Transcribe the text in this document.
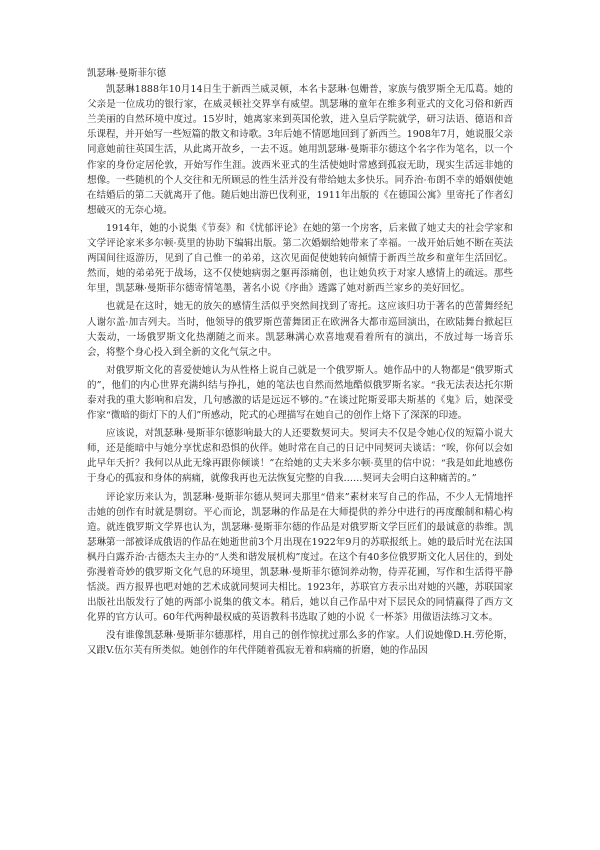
凯瑟琳·曼斯菲尔德

凯瑟琳1888年10月14日生于新西兰威灵顿，本名卡瑟琳·包姗普，家族与俄罗斯全无瓜葛。她的父亲是一位成功的银行家，在威灵顿社交界享有威望。凯瑟琳的童年在维多利亚式的文化习俗和新西兰美丽的自然环境中度过。15岁时，她离家来到英国伦敦，进入皇后学院就学，研习法语、德语和音乐课程，并开始写一些短篇的散文和诗歌。3年后她不情愿地回到了新西兰。1908年7月，她说服父亲同意她前往英国生活，从此离开故乡，一去不返。她用凯瑟琳·曼斯菲尔德这个名字作为笔名，以一个作家的身份定居伦敦，开始写作生涯。波西米亚式的生活使她时常感到孤寂无助，现实生活远非她的想像。一些随机的个人交往和无所顾忌的性生活并没有带给她太多快乐。同乔治·布朗不幸的婚姻使她在结婚后的第二天就离开了他。随后她出游巴伐利亚，1911年出版的《在德国公寓》里寄托了作者幻想破灭的无奈心境。

1914年，她的小说集《节奏》和《忧郁评论》在她的第一个房客，后来做了她丈夫的社会学家和文学评论家米多尔顿·莫里的协助下编辑出版。第二次婚姻给她带来了幸福。一战开始后她不断在英法两国间往返游历，见到了自己惟一的弟弟，这次见面促使她转向倾情于新西兰故乡和童年生活回忆。然而，她的弟弟死于战场，这不仅使她病弱之躯再添痛创，也让她负疚于对家人感情上的疏远。那些年里，凯瑟琳·曼斯菲尔德寄情笔墨，著名小说《序曲》透露了她对新西兰家乡的美好回忆。

也就是在这时，她无的放矢的感情生活似乎突然间找到了寄托。这应该归功于著名的芭蕾舞经纪人谢尔盖·加吉列夫。当时，他领导的俄罗斯芭蕾舞团正在欧洲各大都市巡回演出，在欧陆舞台掀起巨大轰动，一场俄罗斯文化热潮随之而来。凯瑟琳满心欢喜地观看着所有的演出，不放过每一场音乐会，将整个身心投入到全新的文化气氛之中。

对俄罗斯文化的喜爱使她认为从性格上说自己就是一个俄罗斯人。她作品中的人物都是“俄罗斯式的”，他们的内心世界充满纠结与挣扎，她的笔法也自然而然地酷似俄罗斯名家。“我无法表达托尔斯泰对我的重大影响和启发，几句感激的话是远远不够的。”在谈过陀斯妥耶夫斯基的《鬼》后，她深受作家“微暗的街灯下的人们”所感动，陀式的心理描写在她自己的创作上烙下了深深的印迹。

应该说，对凯瑟琳·曼斯菲尔德影响最大的人还要数契诃夫。契诃夫不仅是令她心仪的短篇小说大师，还是能暗中与她分享忧虑和恐惧的伙伴。她时常在自己的日记中同契诃夫谈话：“唉，你何以会如此早年夭折？我何以从此无缘再跟你倾谈！”在给她的丈夫米多尔顿·莫里的信中说：“我是如此地感伤于身心的孤寂和身体的病痛，就像我再也无法恢复完整的自我……契诃夫会明白这种痛苦的。”

评论家历来认为，凯瑟琳·曼斯菲尔德从契诃夫那里“借来”素材来写自己的作品，不少人无情地抨击她的创作有时就是剽窃。平心而论，凯瑟琳的作品是在大师提供的养分中进行的再度酿制和精心构造。就连俄罗斯文学界也认为，凯瑟琳·曼斯菲尔德的作品是对俄罗斯文学巨匠们的最诚意的恭维。凯瑟琳第一部被译成俄语的作品在她逝世前3个月出现在1922年9月的苏联报纸上。她的最后时光在法国枫丹白露乔治·古德杰夫主办的“人类和谐发展机构”度过。在这个有40多位俄罗斯文化人居住的，到处弥漫着奇妙的俄罗斯文化气息的环境里，凯瑟琳·曼斯菲尔德饲养动物，侍弄花圃，写作和生活得平静恬淡。西方报界也吧对她的艺术成就同契诃夫相比。1923年，苏联官方表示出对她的兴趣，苏联国家出版社出版发行了她的两部小说集的俄文本。稍后，她以自己作品中对下层民众的同情赢得了西方文化界的官方认可。60年代两种最权威的英语教科书选取了她的小说《一杯茶》用做语法练习文本。

没有谁像凯瑟琳·曼斯菲尔德那样，用自己的创作惊扰过那么多的作家。人们说她像D.H.劳伦斯，又跟V.伍尔芙有所类似。她创作的年代伴随着孤寂无着和病痛的折磨，她的作品因
